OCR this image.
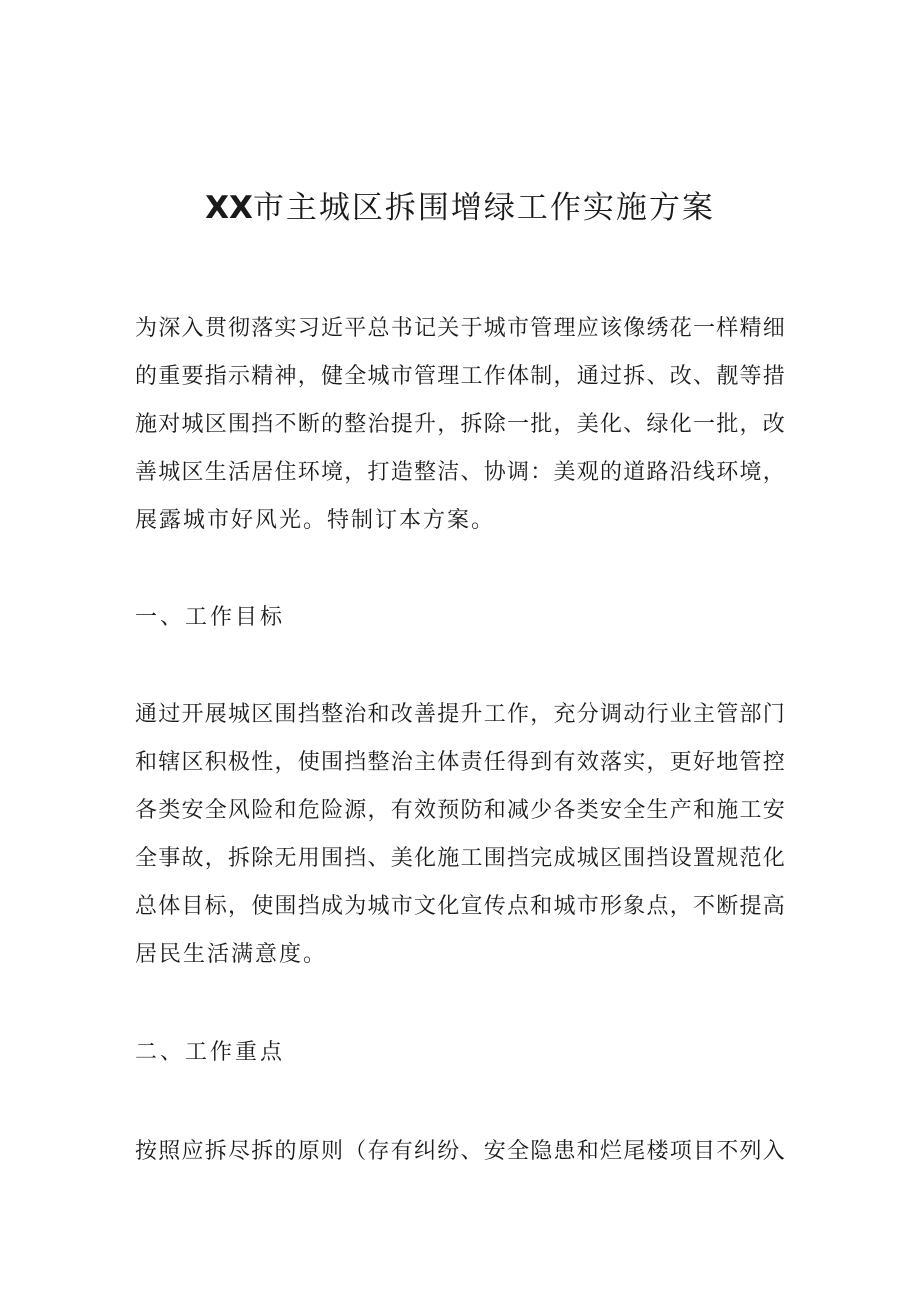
XX市主城区拆围增绿工作实施方案
为 深 入 贯 彻 落 实 习 近 平 总 书 记 关 于 城 市 管 理 应 该 像 绣 花 一 样 精 细
的 重 要 指 示 精 神 ， 健 全 城 市 管 理 工 作 体 制 ， 通 过 拆 、 改 、 靓 等 措
施 对 城 区 围 挡 不 断 的 整 治 提 升 ， 拆 除 一 批 ， 美 化 、 绿 化 一 批 ， 改
善 城 区 生 活 居 住 环 境 ， 打 造 整 洁 、 协 调 ： 美 观 的 道 路 沿 线 环 境 ，
展露城市好风光。特制订本方案。
一、工作目标
通 过 开 展 城 区 围 挡 整 治 和 改 善 提 升 工 作 ， 充 分 调 动 行 业 主 管 部 门
和 辖 区 积 极 性 ， 使 围 挡 整 治 主 体 责 任 得 到 有 效 落 实 ， 更 好 地 管 控
各 类 安 全 风 险 和 危 险 源 ， 有 效 预 防 和 减 少 各 类 安 全 生 产 和 施 工 安
全 事 故 ， 拆 除 无 用 围 挡 、 美 化 施 工 围 挡 完 成 城 区 围 挡 设 置 规 范 化
总 体 目 标 ， 使 围 挡 成 为 城 市 文 化 宣 传 点 和 城 市 形 象 点 ， 不 断 提 高
居民生活满意度。
二、工作重点
按 照 应 拆 尽 拆 的 原 则 （ 存 有 纠 纷 、 安 全 隐 患 和 烂 尾 楼 项 目 不 列 入
